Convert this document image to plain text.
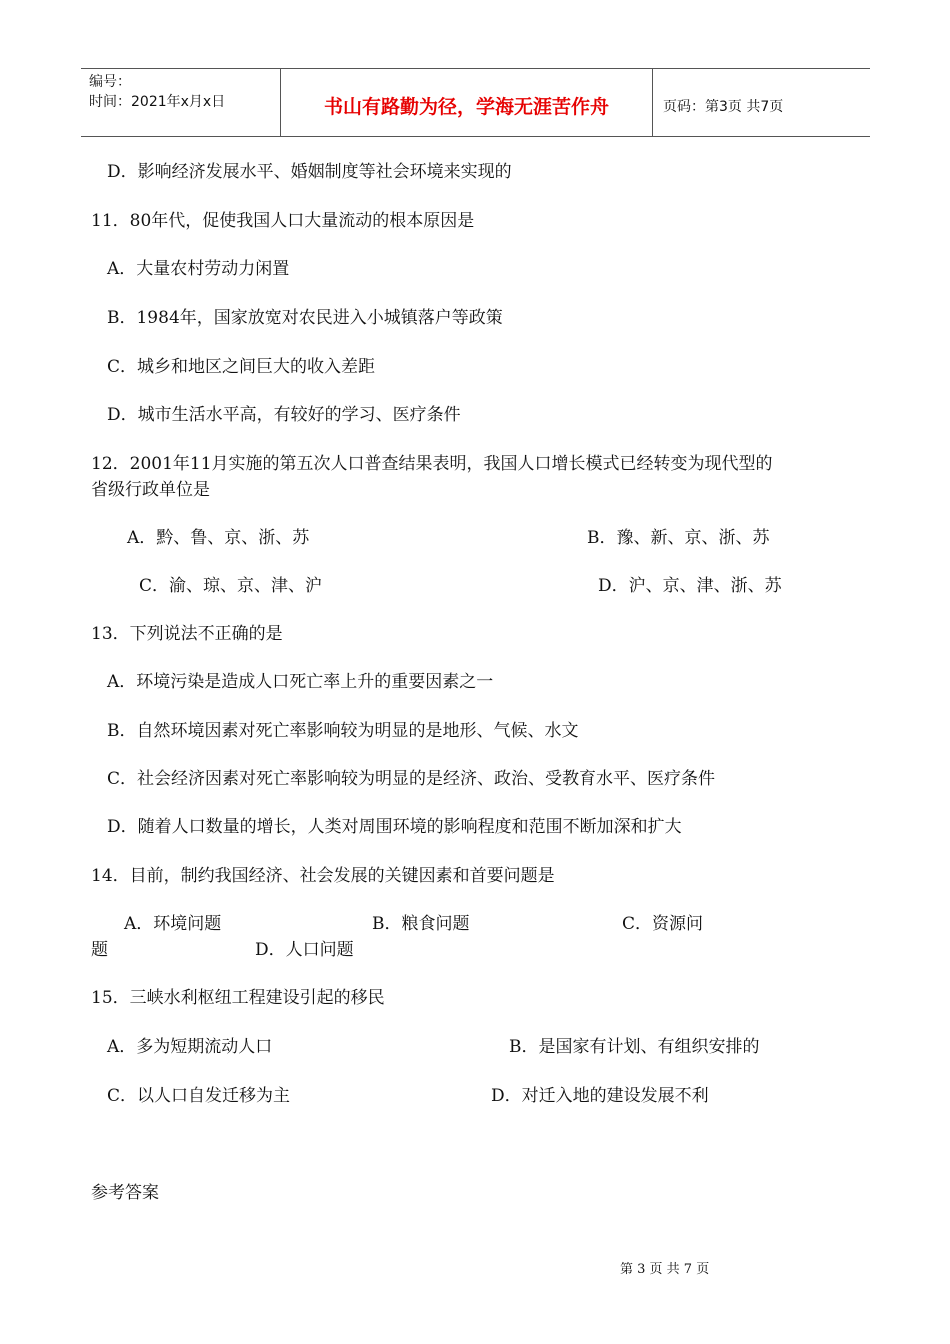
编号：
时间：2021年x月x日	书山有路勤为径，学海无涯苦作舟	页码：第3页 共7页
D．影响经济发展水平、婚姻制度等社会环境来实现的
11．80年代，促使我国人口大量流动的根本原因是
A．大量农村劳动力闲置
B．1984年，国家放宽对农民进入小城镇落户等政策
C．城乡和地区之间巨大的收入差距
D．城市生活水平高，有较好的学习、医疗条件
12．2001年11月实施的第五次人口普查结果表明，我国人口增长模式已经转变为现代型的
省级行政单位是
A．黔、鲁、京、浙、苏	B．豫、新、京、浙、苏
C．渝、琼、京、津、沪	D．沪、京、津、浙、苏
13．下列说法不正确的是
A．环境污染是造成人口死亡率上升的重要因素之一
B．自然环境因素对死亡率影响较为明显的是地形、气候、水文
C．社会经济因素对死亡率影响较为明显的是经济、政治、受教育水平、医疗条件
D．随着人口数量的增长，人类对周围环境的影响程度和范围不断加深和扩大
14．目前，制约我国经济、社会发展的关键因素和首要问题是
A．环境问题	B．粮食问题	C．资源问
题	D．人口问题
15．三峡水利枢纽工程建设引起的移民
A．多为短期流动人口	B．是国家有计划、有组织安排的
C．以人口自发迁移为主	D．对迁入地的建设发展不利
参考答案
第 3 页 共 7 页
